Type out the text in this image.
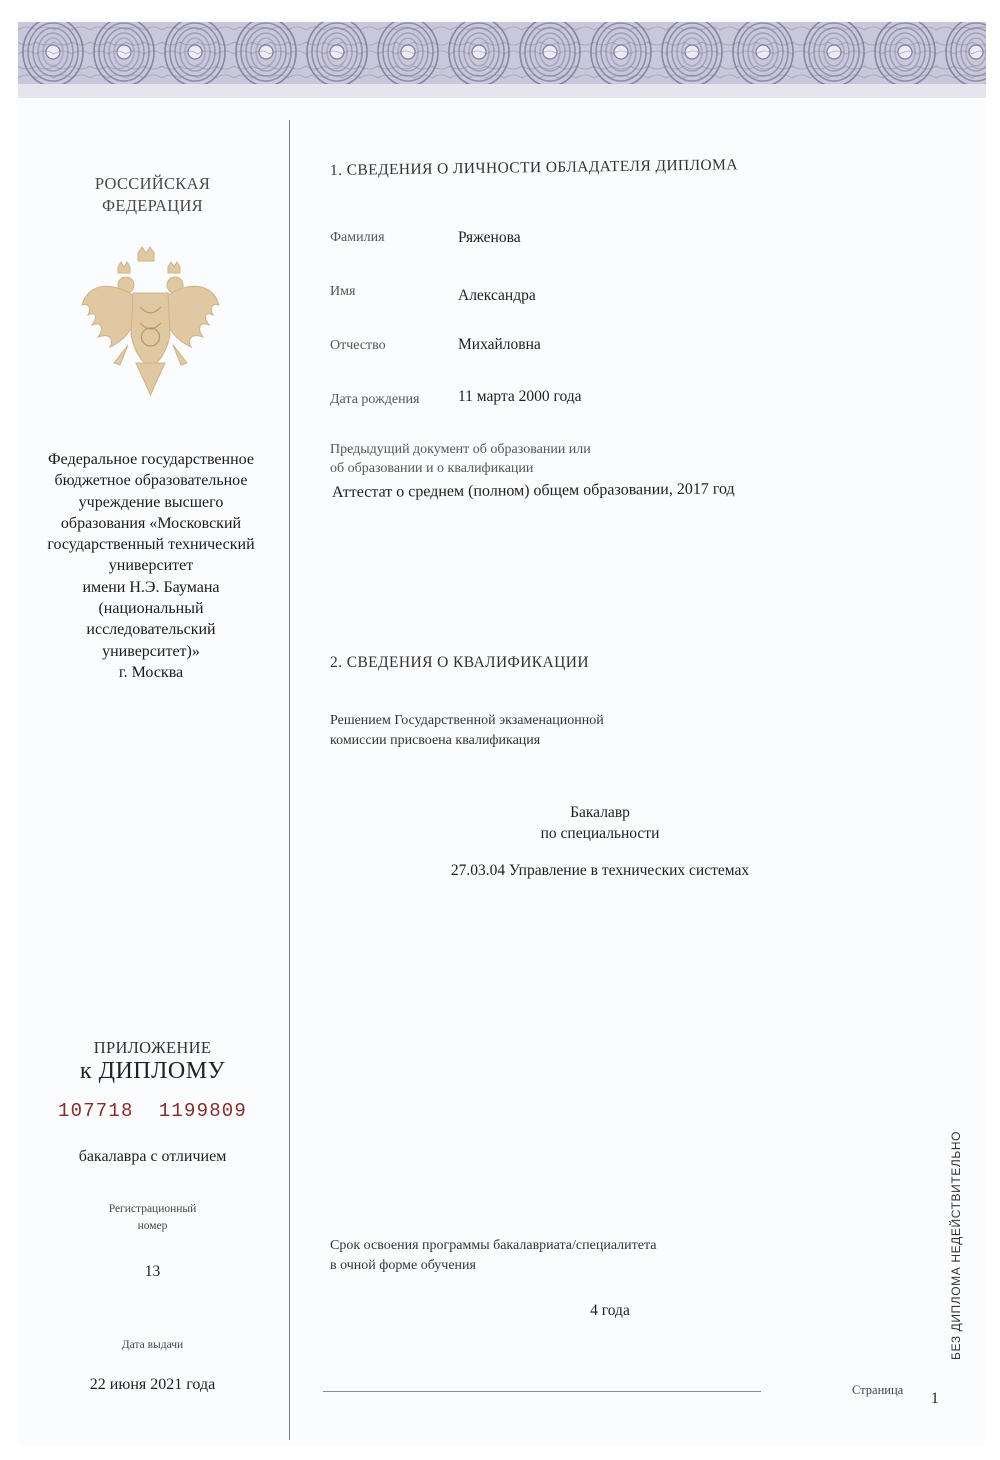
РОССИЙСКАЯ
ФЕДЕРАЦИЯ
Федеральное государственное
бюджетное образовательное
учреждение высшего
образования «Московский
государственный технический
университет
имени Н.Э. Баумана
(национальный
исследовательский
университет)»
г. Москва
ПРИЛОЖЕНИЕ
к ДИПЛОМУ
107718  1199809
бакалавра с отличием
Регистрационный
номер
13
Дата выдачи
22 июня 2021 года
1. СВЕДЕНИЯ О ЛИЧНОСТИ ОБЛАДАТЕЛЯ ДИПЛОМА
Фамилия	Ряженова
Имя	Александра
Отчество	Михайловна
Дата рождения 11 марта 2000 года
Предыдущий документ об образовании или
об образовании и о квалификации
Аттестат о среднем (полном) общем образовании, 2017 год
2. СВЕДЕНИЯ О КВАЛИФИКАЦИИ
Решением Государственной экзаменационной
комиссии присвоена квалификация
Бакалавр
по специальности
27.03.04 Управление в технических системах
Срок освоения программы бакалавриата/специалитета
в очной форме обучения
4 года
Страница 1
БЕЗ ДИПЛОМА НЕДЕЙСТВИТЕЛЬНО
